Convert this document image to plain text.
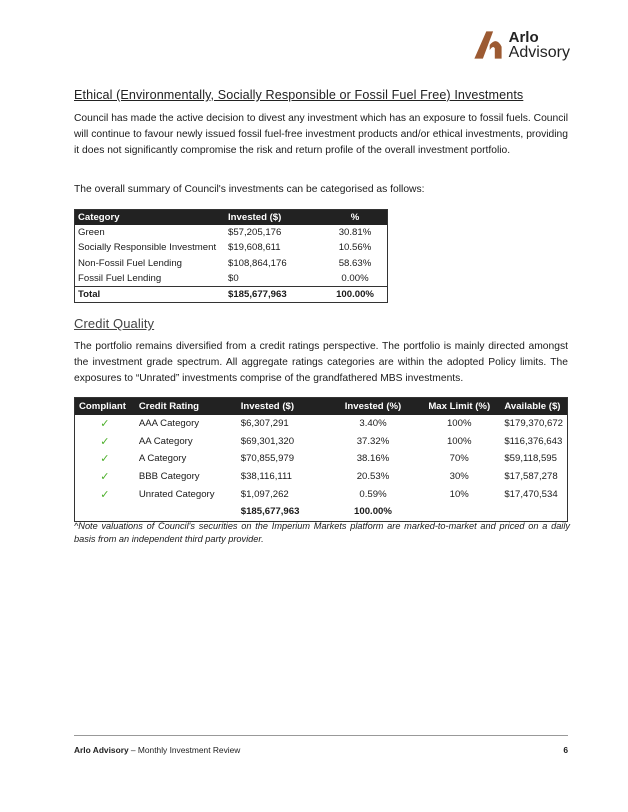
Arlo
Advisory
Ethical (Environmentally, Socially Responsible or Fossil Fuel Free) Investments

Council has made the active decision to divest any investment which has an exposure to fossil fuels. Council will continue to favour newly issued fossil fuel-free investment products and/or ethical investments, providing it does not significantly compromise the risk and return profile of the overall investment portfolio.

The overall summary of Council's investments can be categorised as follows:

Category	Invested ($)	%
Green	$57,205,176	30.81%
Socially Responsible Investment	$19,608,611	10.56%
Non-Fossil Fuel Lending	$108,864,176	58.63%
Fossil Fuel Lending	$0	0.00%
Total	$185,677,963	100.00%
Credit Quality

The portfolio remains diversified from a credit ratings perspective. The portfolio is mainly directed amongst the investment grade spectrum. All aggregate ratings categories are within the adopted Policy limits. The exposures to “Unrated” investments comprise of the grandfathered MBS investments.

Compliant	Credit Rating	Invested ($)	Invested (%)	Max Limit (%)	Available ($)
✓	AAA Category	$6,307,291	3.40%	100%	$179,370,672
✓	AA Category	$69,301,320	37.32%	100%	$116,376,643
✓	A Category	$70,855,979	38.16%	70%	$59,118,595
✓	BBB Category	$38,116,111	20.53%	30%	$17,587,278
✓	Unrated Category	$1,097,262	0.59%	10%	$17,470,534
		$185,677,963	100.00%		

^Note valuations of Council's securities on the Imperium Markets platform are marked-to-market and priced on a daily basis from an independent third party provider.

Arlo Advisory – Monthly Investment Review	6
